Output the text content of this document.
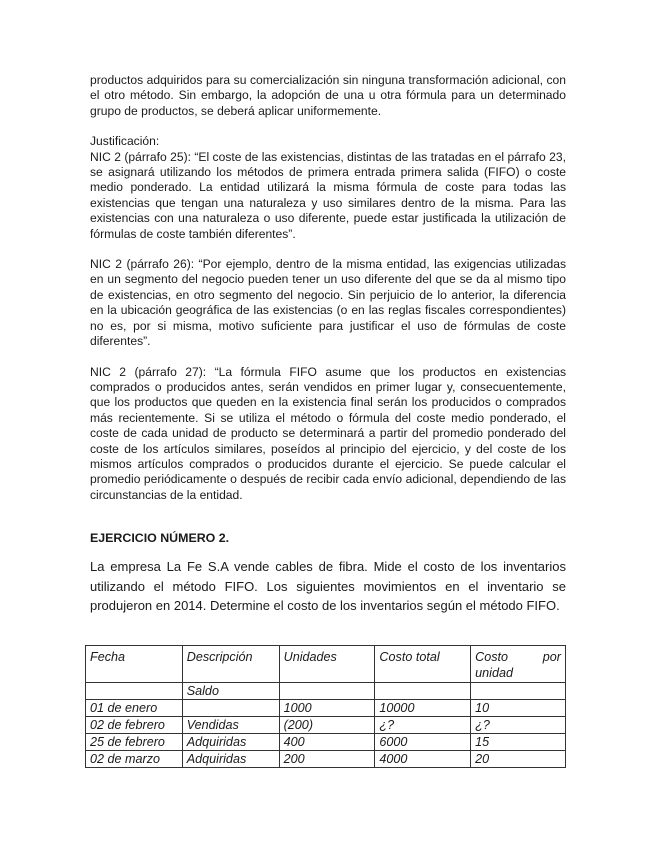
productos adquiridos para su comercialización sin ninguna transformación adicional, con el otro método. Sin embargo, la adopción de una u otra fórmula para un determinado grupo de productos, se deberá aplicar uniformemente.

Justificación:

NIC 2 (párrafo 25): “El coste de las existencias, distintas de las tratadas en el párrafo 23, se asignará utilizando los métodos de primera entrada primera salida (FIFO) o coste medio ponderado. La entidad utilizará la misma fórmula de coste para todas las existencias que tengan una naturaleza y uso similares dentro de la misma. Para las existencias con una naturaleza o uso diferente, puede estar justificada la utilización de fórmulas de coste también diferentes”.

NIC 2 (párrafo 26): “Por ejemplo, dentro de la misma entidad, las exigencias utilizadas en un segmento del negocio pueden tener un uso diferente del que se da al mismo tipo de existencias, en otro segmento del negocio. Sin perjuicio de lo anterior, la diferencia en la ubicación geográfica de las existencias (o en las reglas fiscales correspondientes) no es, por si misma, motivo suficiente para justificar el uso de fórmulas de coste diferentes”.

NIC 2 (párrafo 27): “La fórmula FIFO asume que los productos en existencias comprados o producidos antes, serán vendidos en primer lugar y, consecuentemente, que los productos que queden en la existencia final serán los producidos o comprados más recientemente. Si se utiliza el método o fórmula del coste medio ponderado, el coste de cada unidad de producto se determinará a partir del promedio ponderado del coste de los artículos similares, poseídos al principio del ejercicio, y del coste de los mismos artículos comprados o producidos durante el ejercicio. Se puede calcular el promedio periódicamente o después de recibir cada envío adicional, dependiendo de las circunstancias de la entidad.

EJERCICIO NÚMERO 2.

La empresa La Fe S.A vende cables de fibra. Mide el costo de los inventarios utilizando el método FIFO. Los siguientes movimientos en el inventario se produjeron en 2014. Determine el costo de los inventarios según el método FIFO.

Fecha	Descripción	Unidades	Costo total	Costo por
unidad

	Saldo			
01 de enero		1000	10000	10
02 de febrero	Vendidas	(200)	¿?	¿?
25 de febrero	Adquiridas	400	6000	15
02 de marzo	Adquiridas	200	4000	20
